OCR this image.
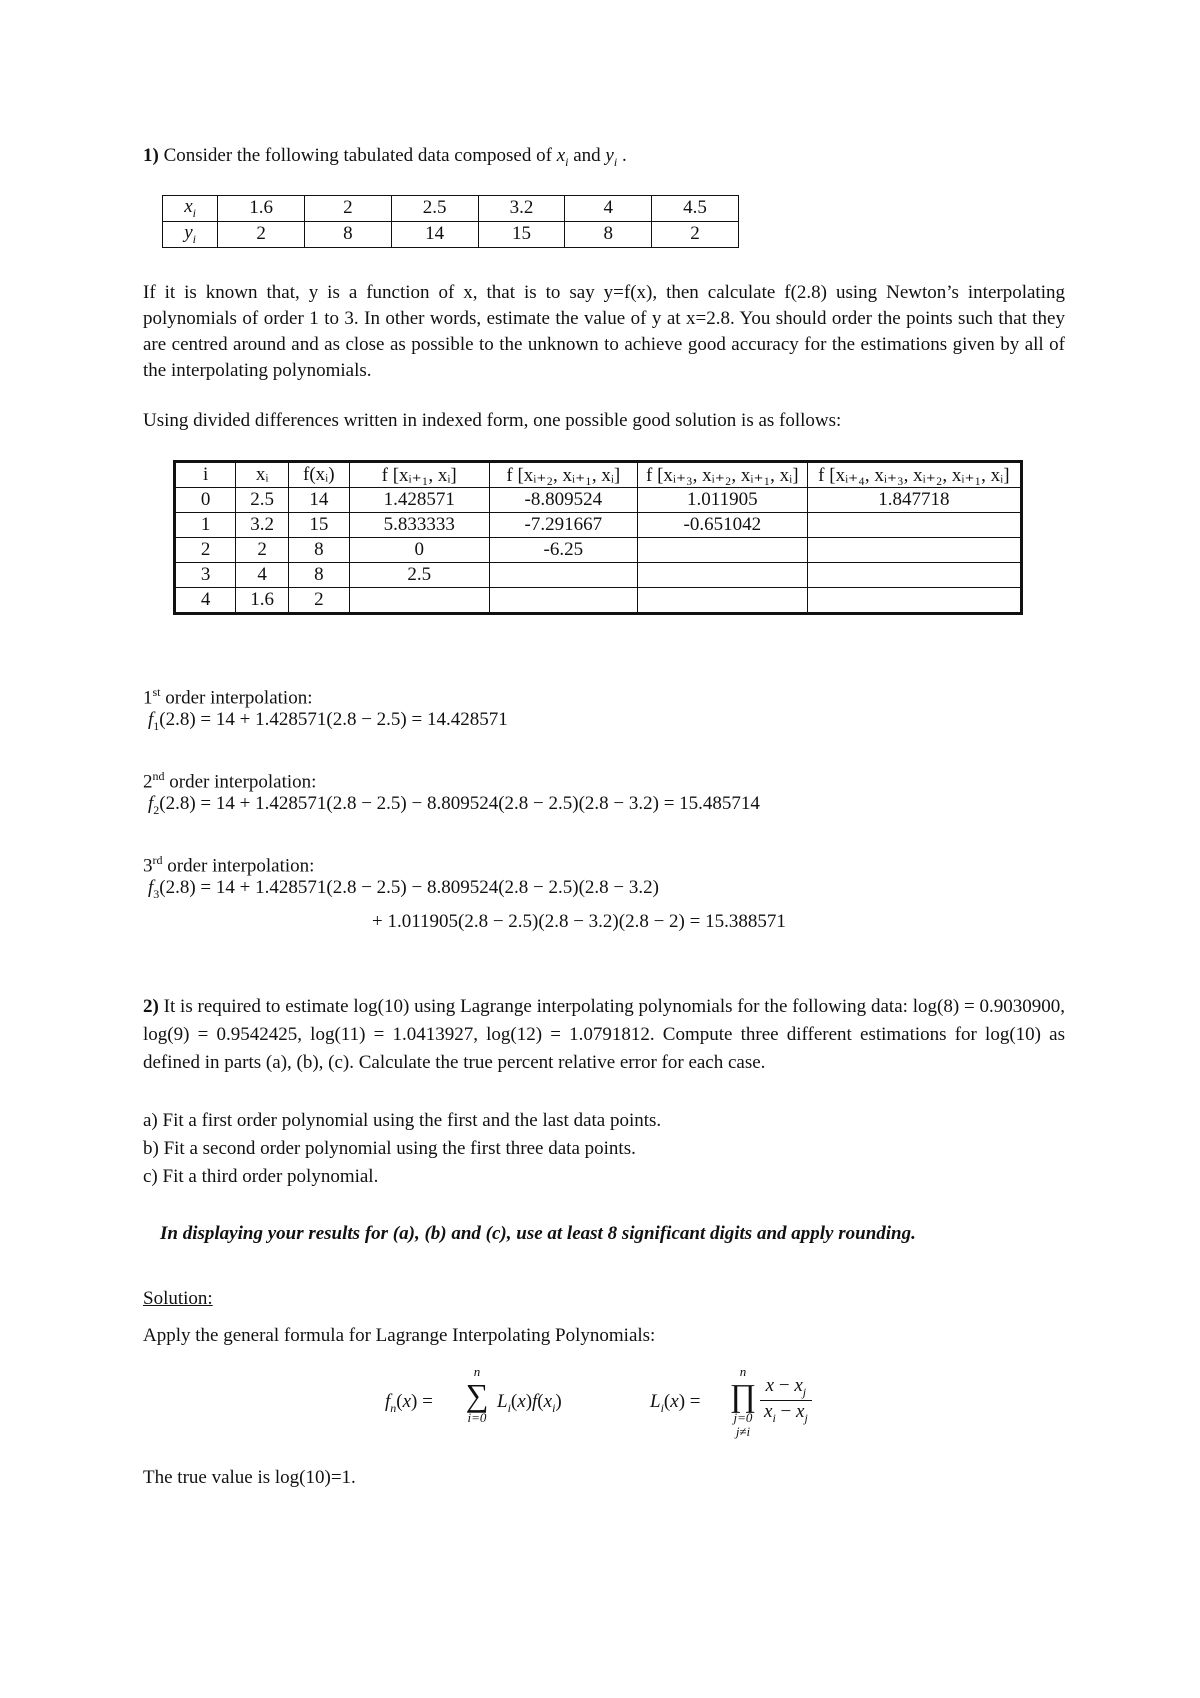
1) Consider the following tabulated data composed of $x_i$ and $y_i$ .
$x_i$	1.6	2	2.5	3.2	4	4.5
$y_i$	2	8	14	15	8	2
If it is known that, y is a function of x, that is to say y=f(x), then calculate f(2.8) using Newton’s interpolating polynomials of order 1 to 3. In other words, estimate the value of y at x=2.8. You should order the points such that they are centred around and as close as possible to the unknown to achieve good accuracy for the estimations given by all of the interpolating polynomials.
Using divided differences written in indexed form, one possible good solution is as follows:
i	xᵢ	f(xᵢ)	f [xᵢ₊₁, xᵢ]	f [xᵢ₊₂, xᵢ₊₁, xᵢ]	f [xᵢ₊₃, xᵢ₊₂, xᵢ₊₁, xᵢ]	f [xᵢ₊₄, xᵢ₊₃, xᵢ₊₂, xᵢ₊₁, xᵢ]
0	2.5	14	1.428571	-8.809524	1.011905	1.847718
1	3.2	15	5.833333	-7.291667	-0.651042	
2	2	8	0	-6.25		
3	4	8	2.5			
4	1.6	2				
1st order interpolation:
$f_1(2.8) = 14 + 1.428571(2.8 - 2.5) = 14.428571$
2nd order interpolation:
$f_2(2.8) = 14 + 1.428571(2.8 - 2.5) - 8.809524(2.8 - 2.5)(2.8 - 3.2) = 15.485714$
3rd order interpolation:
$f_3(2.8) = 14 + 1.428571(2.8 - 2.5) - 8.809524(2.8 - 2.5)(2.8 - 3.2)$
+ 1.011905(2.8 − 2.5)(2.8 − 3.2)(2.8 − 2) = 15.388571
2) It is required to estimate log(10) using Lagrange interpolating polynomials for the following data: log(8) = 0.9030900, log(9) = 0.9542425, log(11) = 1.0413927, log(12) = 1.0791812. Compute three different estimations for log(10) as defined in parts (a), (b), (c). Calculate the true percent relative error for each case.
a) Fit a first order polynomial using the first and the last data points.
b) Fit a second order polynomial using the first three data points.
c) Fit a third order polynomial.
In displaying your results for (a), (b) and (c), use at least 8 significant digits and apply rounding.
Solution:
Apply the general formula for Lagrange Interpolating Polynomials:
$f_n(x)$ =
n
∑
i=0
$L_i(x)f(x_i)$	$L_i(x)$ =
n
∏
j=0
j≠i
$\frac{x - x_j}{x_i - x_j}$
The true value is log(10)=1.
